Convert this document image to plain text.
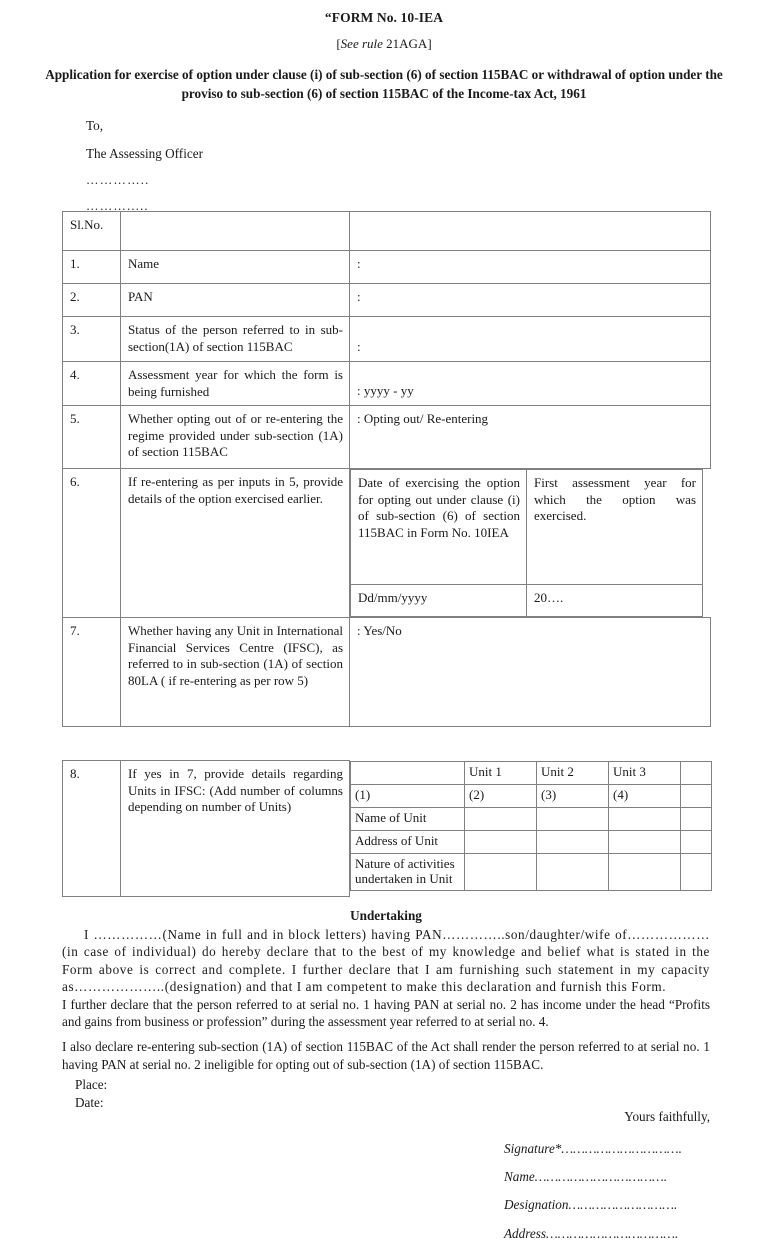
“FORM No. 10-IEA
[See rule 21AGA]
Application for exercise of option under clause (i) of sub-section (6) of section 115BAC or withdrawal of option under the proviso to sub-section (6) of section 115BAC of the Income-tax Act, 1961
To,
The Assessing Officer
…………..
……….....
Sl.No.		
1.	Name	:
2.	PAN	:
3.	Status of the person referred to in sub-section(1A) of section 115BAC	:
4.	Assessment year for which the form is being furnished	: yyyy - yy
5.	Whether opting out of or re-entering the regime provided under sub-section (1A) of section 115BAC	: Opting out/ Re-entering
6.	If re-entering as per inputs in 5, provide details of the option exercised earlier.	
Date of exercising the option for opting out under clause (i) of sub-section (6) of section 115BAC in Form No. 10IEA	First assessment year for which the option was exercised.
Dd/mm/yyyy	20….

7.	Whether having any Unit in International Financial Services Centre (IFSC), as referred to in sub-section (1A) of section 80LA ( if re-entering as per row 5)	: Yes/No
8.	If yes in 7, provide details regarding Units in IFSC: (Add number of columns depending on number of Units)	
	Unit 1	Unit 2	Unit 3	
(1)	(2)	(3)	(4)	
Name of Unit				
Address of Unit				
Nature of activities undertaken in Unit				
Undertaking
I ……………(Name in full and in block letters) having PAN…………..son/daughter/wife of……………… (in case of individual) do hereby declare that to the best of my knowledge and belief what is stated in the Form above is correct and complete. I further declare that I am furnishing such statement in my capacity as………………..(designation) and that I am competent to make this declaration and furnish this Form.
I further declare that the person referred to at serial no. 1 having PAN at serial no. 2 has income under the head “Profits and gains from business or profession” during the assessment year referred to at serial no. 4.
I also declare re-entering sub-section (1A) of section 115BAC of the Act shall render the person referred to at serial no. 1 having PAN at serial no. 2 ineligible for opting out of sub-section (1A) of section 115BAC.
Place:
Date:
Yours faithfully,
Signature*………………………….
Name…………………………….
Designation……………………….
Address…………………………….
